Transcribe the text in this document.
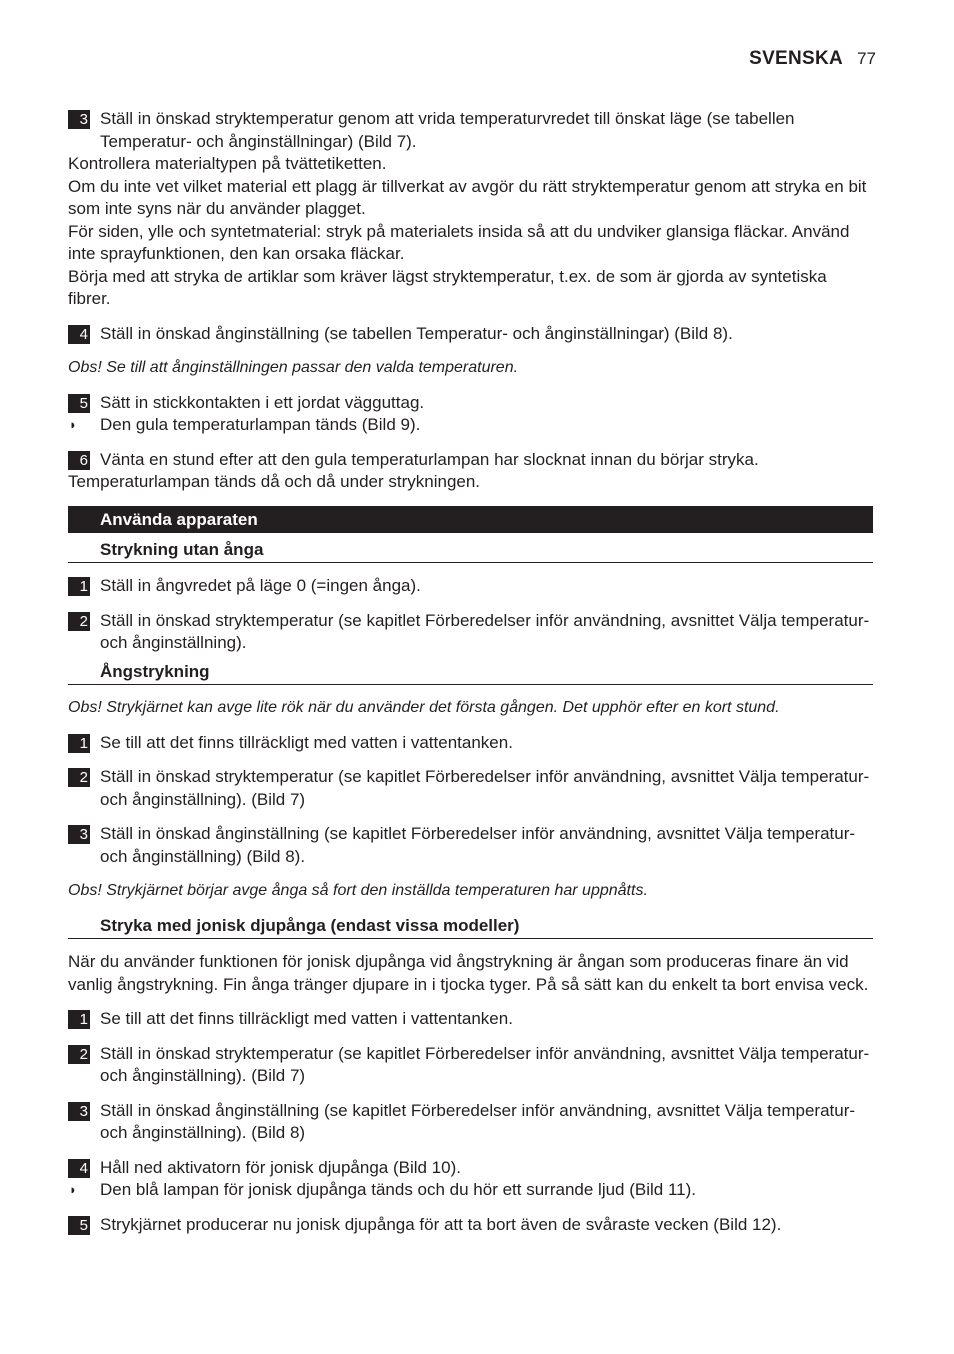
SVENSKA 77

3 Ställ in önskad stryktemperatur genom att vrida temperaturvredet till önskat läge (se tabellen Temperatur- och ånginställningar) (Bild 7).

Kontrollera materialtypen på tvättetiketten.

Om du inte vet vilket material ett plagg är tillverkat av avgör du rätt stryktemperatur genom att stryka en bit som inte syns när du använder plagget.

För siden, ylle och syntetmaterial: stryk på materialets insida så att du undviker glansiga fläckar. Använd inte sprayfunktionen, den kan orsaka fläckar.

Börja med att stryka de artiklar som kräver lägst stryktemperatur, t.ex. de som är gjorda av syntetiska fibrer.

4 Ställ in önskad ånginställning (se tabellen Temperatur- och ånginställningar) (Bild 8).

Obs! Se till att ånginställningen passar den valda temperaturen.

5 Sätt in stickkontakten i ett jordat vägguttag.

◗ Den gula temperaturlampan tänds (Bild 9).

6 Vänta en stund efter att den gula temperaturlampan har slocknat innan du börjar stryka.

Temperaturlampan tänds då och då under strykningen.

Använda apparaten
Strykning utan ånga

1 Ställ in ångvredet på läge 0 (=ingen ånga).

2 Ställ in önskad stryktemperatur (se kapitlet Förberedelser inför användning, avsnittet Välja temperatur- och ånginställning).

Ångstrykning

Obs! Strykjärnet kan avge lite rök när du använder det första gången. Det upphör efter en kort stund.

1 Se till att det finns tillräckligt med vatten i vattentanken.

2 Ställ in önskad stryktemperatur (se kapitlet Förberedelser inför användning, avsnittet Välja temperatur- och ånginställning). (Bild 7)

3 Ställ in önskad ånginställning (se kapitlet Förberedelser inför användning, avsnittet Välja temperatur- och ånginställning) (Bild 8).

Obs! Strykjärnet börjar avge ånga så fort den inställda temperaturen har uppnåtts.

Stryka med jonisk djupånga (endast vissa modeller)

När du använder funktionen för jonisk djupånga vid ångstrykning är ångan som produceras finare än vid vanlig ångstrykning. Fin ånga tränger djupare in i tjocka tyger. På så sätt kan du enkelt ta bort envisa veck.

1 Se till att det finns tillräckligt med vatten i vattentanken.

2 Ställ in önskad stryktemperatur (se kapitlet Förberedelser inför användning, avsnittet Välja temperatur- och ånginställning). (Bild 7)

3 Ställ in önskad ånginställning (se kapitlet Förberedelser inför användning, avsnittet Välja temperatur- och ånginställning). (Bild 8)

4 Håll ned aktivatorn för jonisk djupånga (Bild 10).

◗ Den blå lampan för jonisk djupånga tänds och du hör ett surrande ljud (Bild 11).

5 Strykjärnet producerar nu jonisk djupånga för att ta bort även de svåraste vecken (Bild 12).
